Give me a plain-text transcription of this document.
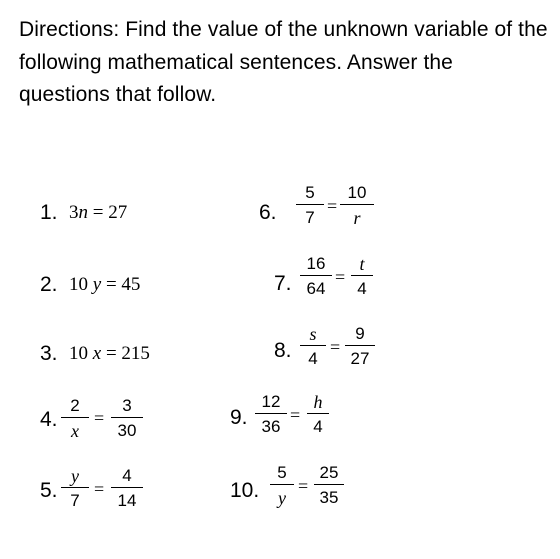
Directions: Find the value of the unknown variable of the following mathematical sentences. Answer the questions that follow.
1. 3n = 27
2. 10 y = 45
3. 10 x = 215
4.
2
x
=
3
30
5.
y
7
=
4
14
6.
5
7
=
10
r
7.
16
64
=
t
4
8.
s
4
=
9
27
9.
12
36
=
h
4
10.
5
y
=
25
35
